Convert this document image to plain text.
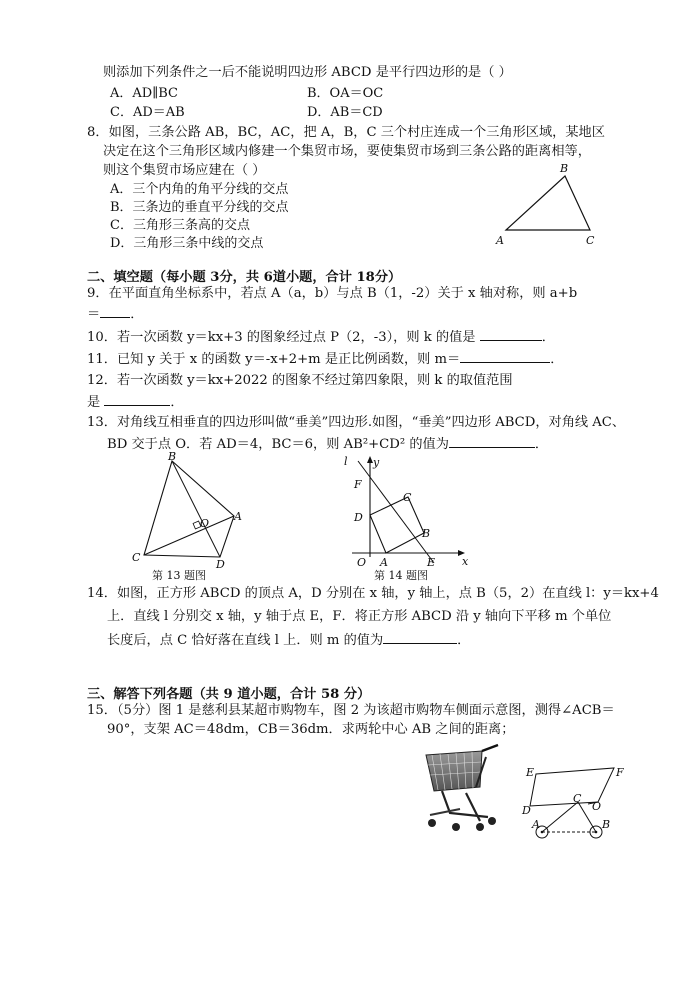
则添加下列条件之一后不能说明四边形 ABCD 是平行四边形的是（ ）
A．AD∥BC	B．OA＝OC
C．AD＝AB	D．AB＝CD
8．如图，三条公路 AB，BC，AC，把 A，B，C 三个村庄连成一个三角形区域，某地区
决定在这个三角形区域内修建一个集贸市场，要使集贸市场到三条公路的距离相等，
则这个集贸市场应建在（ ）
A．三个内角的角平分线的交点
B．三条边的垂直平分线的交点
C．三角形三条高的交点
D．三角形三条中线的交点	A
B
C
二、填空题（每小题 3分，共 6道小题，合计 18分）
9．在平面直角坐标系中，若点 A（a，b）与点 B（1，-2）关于 x 轴对称，则 a+b
＝ ．
10．若一次函数 y＝kx+3 的图象经过点 P（2，-3），则 k 的值是	．
11．已知 y 关于 x 的函数 y＝-x+2+m 是正比例函数，则 m＝	．
12．若一次函数 y＝kx+2022 的图象不经过第四象限，则 k 的取值范围
是	．
13．对角线互相垂直的四边形叫做“垂美”四边形.如图，“垂美”四边形 ABCD，对角线 AC、
BD 交于点 O．若 AD＝4，BC＝6，则 AB²+CD² 的值为	．
B
A
O
C
D
第 13 题图
l y
F
C
D
B
O A	E x
第 14 题图
14．如图，正方形 ABCD 的顶点 A，D 分别在 x 轴，y 轴上，点 B（5，2）在直线 l：y＝kx+4
上．直线 l 分别交 x 轴，y 轴于点 E，F．将正方形 ABCD 沿 y 轴向下平移 m 个单位
长度后，点 C 恰好落在直线 l 上．则 m 的值为	．
三、解答下列各题（共 9 道小题，合计 58 分）
15．（5分）图 1 是慈利县某超市购物车，图 2 为该超市购物车侧面示意图，测得∠ACB＝
90°，支架 AC＝48dm，CB＝36dm．求两轮中心 AB 之间的距离；
E	F
C
O
D
A	B
